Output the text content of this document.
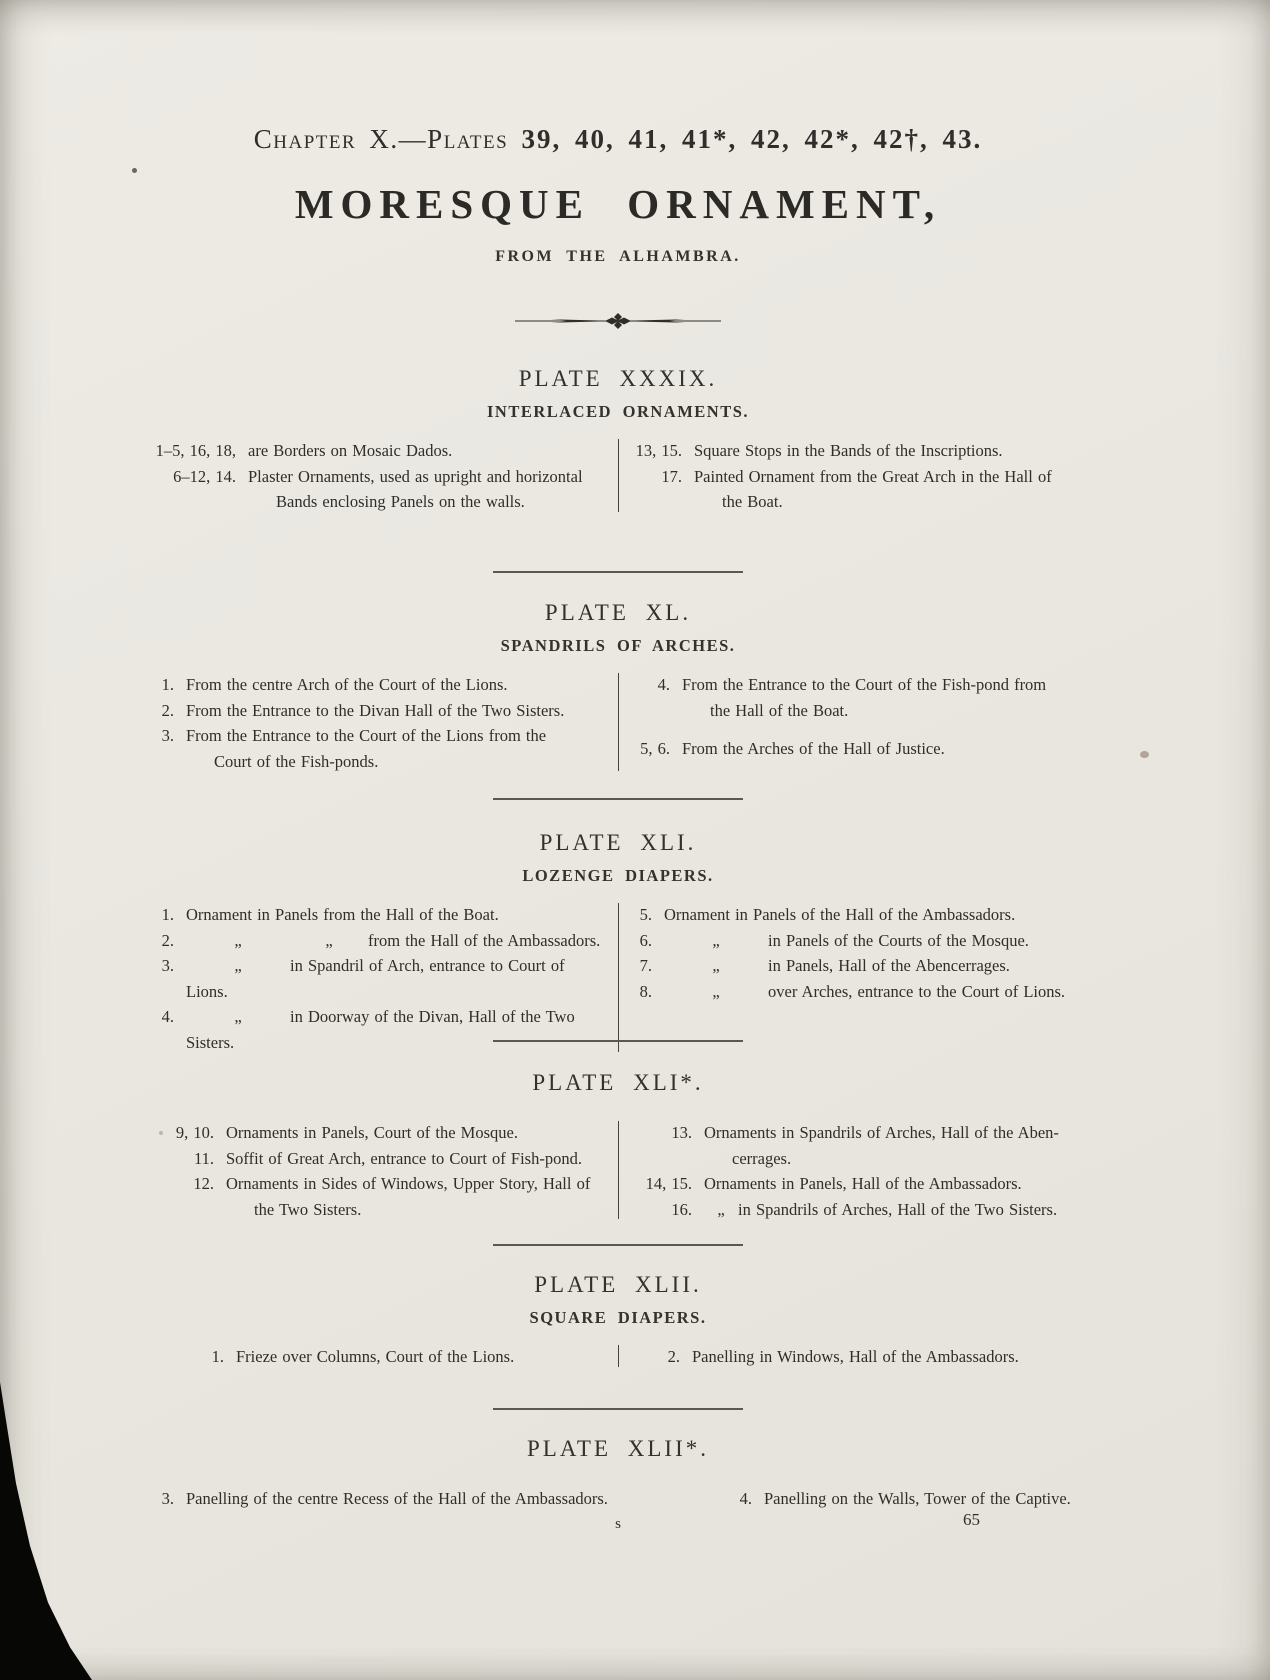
Chapter X.—Plates 39, 40, 41, 41*, 42, 42*, 42†, 43.
MORESQUE ORNAMENT,
FROM THE ALHAMBRA.
PLATE XXXIX.
INTERLACED ORNAMENTS.
1–5, 16, 18, are Borders on Mosaic Dados.
6–12, 14. Plaster Ornaments, used as upright and horizontal
Bands enclosing Panels on the walls.
13, 15. Square Stops in the Bands of the Inscriptions.
17. Painted Ornament from the Great Arch in the Hall of
the Boat.
PLATE XL.
SPANDRILS OF ARCHES.
1. From the centre Arch of the Court of the Lions.
2. From the Entrance to the Divan Hall of the Two Sisters.
3. From the Entrance to the Court of the Lions from the
Court of the Fish-ponds.
4. From the Entrance to the Court of the Fish-pond from
the Hall of the Boat.
5, 6. From the Arches of the Hall of Justice.
PLATE XLI.
LOZENGE DIAPERS.
1. Ornament in Panels from the Hall of the Boat.
2.	„	„ from the Hall of the Ambassadors.
3.	„	in Spandril of Arch, entrance to Court of Lions.
4.	„	in Doorway of the Divan, Hall of the Two Sisters.
5. Ornament in Panels of the Hall of the Ambassadors.
6.	„	in Panels of the Courts of the Mosque.
7.	„	in Panels, Hall of the Abencerrages.
8.	„	over Arches, entrance to the Court of Lions.
PLATE XLI*.
9, 10. Ornaments in Panels, Court of the Mosque.
11. Soffit of Great Arch, entrance to Court of Fish-pond.
12. Ornaments in Sides of Windows, Upper Story, Hall of
the Two Sisters.
13. Ornaments in Spandrils of Arches, Hall of the Aben-
cerrages.
14, 15. Ornaments in Panels, Hall of the Ambassadors.
16.	„ in Spandrils of Arches, Hall of the Two Sisters.
PLATE XLII.
SQUARE DIAPERS.
1. Frieze over Columns, Court of the Lions.	2. Panelling in Windows, Hall of the Ambassadors.
PLATE XLII*.
3. Panelling of the centre Recess of the Hall of the Ambassadors.	4. Panelling on the Walls, Tower of the Captive.
s	65
